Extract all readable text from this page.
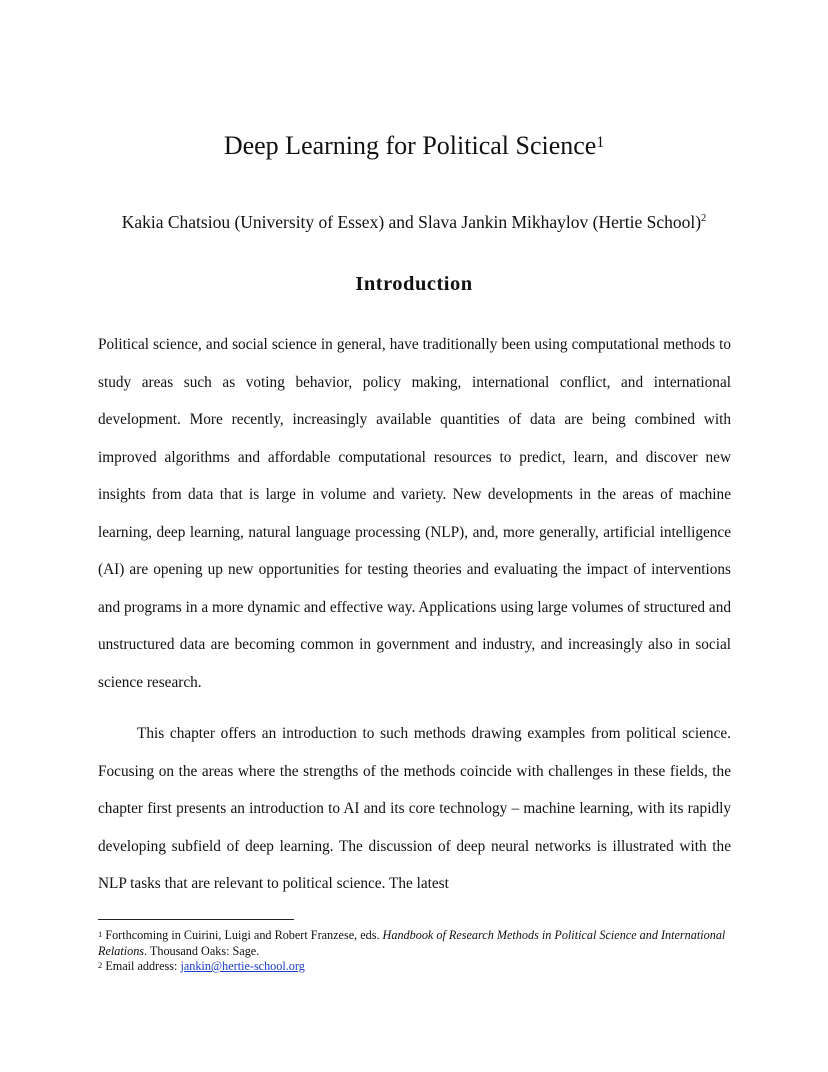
Deep Learning for Political Science$^1$
Kakia Chatsiou (University of Essex) and Slava Jankin Mikhaylov (Hertie School)$^2$
Introduction

Political science, and social science in general, have traditionally been using computational methods to study areas such as voting behavior, policy making, international conflict, and international development. More recently, increasingly available quantities of data are being combined with improved algorithms and affordable computational resources to predict, learn, and discover new insights from data that is large in volume and variety. New developments in the areas of machine learning, deep learning, natural language processing (NLP), and, more generally, artificial intelligence (AI) are opening up new opportunities for testing theories and evaluating the impact of interventions and programs in a more dynamic and effective way. Applications using large volumes of structured and unstructured data are becoming common in government and industry, and increasingly also in social science research.

This chapter offers an introduction to such methods drawing examples from political science. Focusing on the areas where the strengths of the methods coincide with challenges in these fields, the chapter first presents an introduction to AI and its core technology – machine learning, with its rapidly developing subfield of deep learning. The discussion of deep neural networks is illustrated with the NLP tasks that are relevant to political science. The latest

$^1$ Forthcoming in Cuirini, Luigi and Robert Franzese, eds. Handbook of Research Methods in Political Science and International Relations. Thousand Oaks: Sage.

$^2$ Email address: jankin@hertie-school.org
